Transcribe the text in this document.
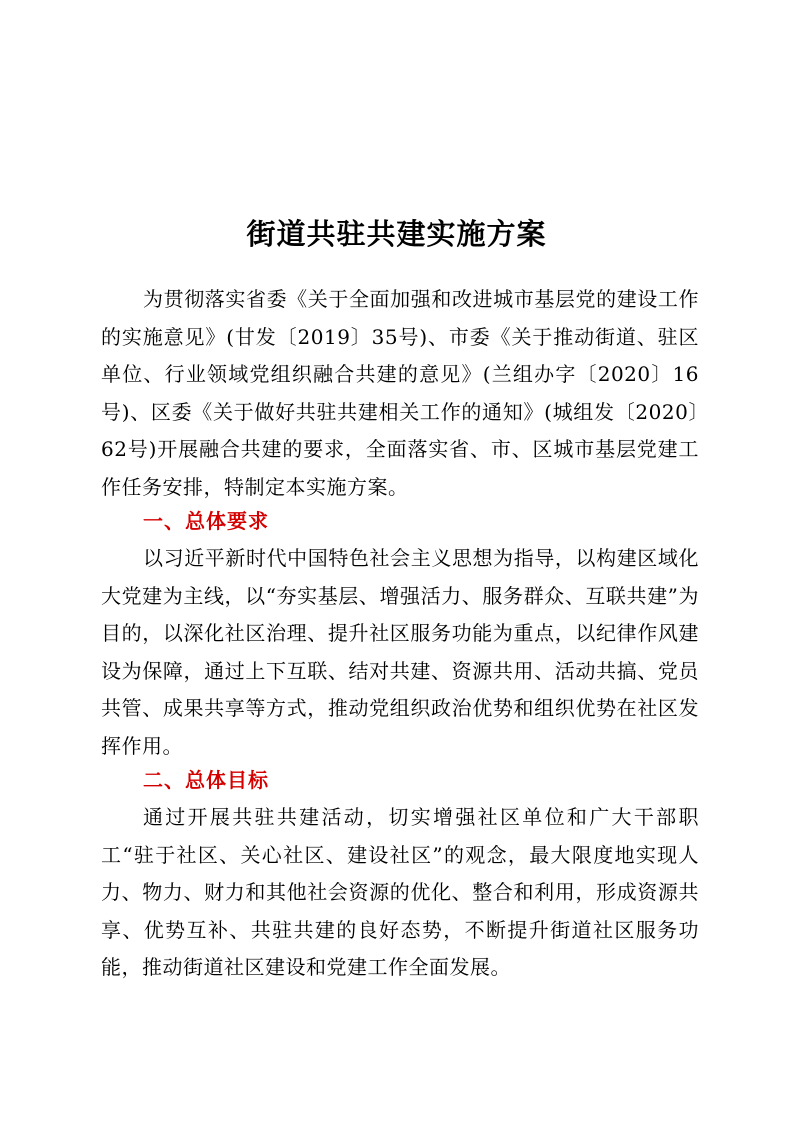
街道共驻共建实施方案

为贯彻落实省委《关于全面加强和改进城市基层党的建设工作的实施意见》(甘发〔2019〕35号)、市委《关于推动街道、驻区单位、行业领域党组织融合共建的意见》(兰组办字〔2020〕16号)、区委《关于做好共驻共建相关工作的通知》(城组发〔2020〕62号)开展融合共建的要求，全面落实省、市、区城市基层党建工作任务安排，特制定本实施方案。

一、总体要求

以习近平新时代中国特色社会主义思想为指导，以构建区域化大党建为主线，以“夯实基层、增强活力、服务群众、互联共建”为目的，以深化社区治理、提升社区服务功能为重点，以纪律作风建设为保障，通过上下互联、结对共建、资源共用、活动共搞、党员共管、成果共享等方式，推动党组织政治优势和组织优势在社区发挥作用。

二、总体目标

通过开展共驻共建活动，切实增强社区单位和广大干部职工“驻于社区、关心社区、建设社区”的观念，最大限度地实现人力、物力、财力和其他社会资源的优化、整合和利用，形成资源共享、优势互补、共驻共建的良好态势，不断提升街道社区服务功能，推动街道社区建设和党建工作全面发展。
